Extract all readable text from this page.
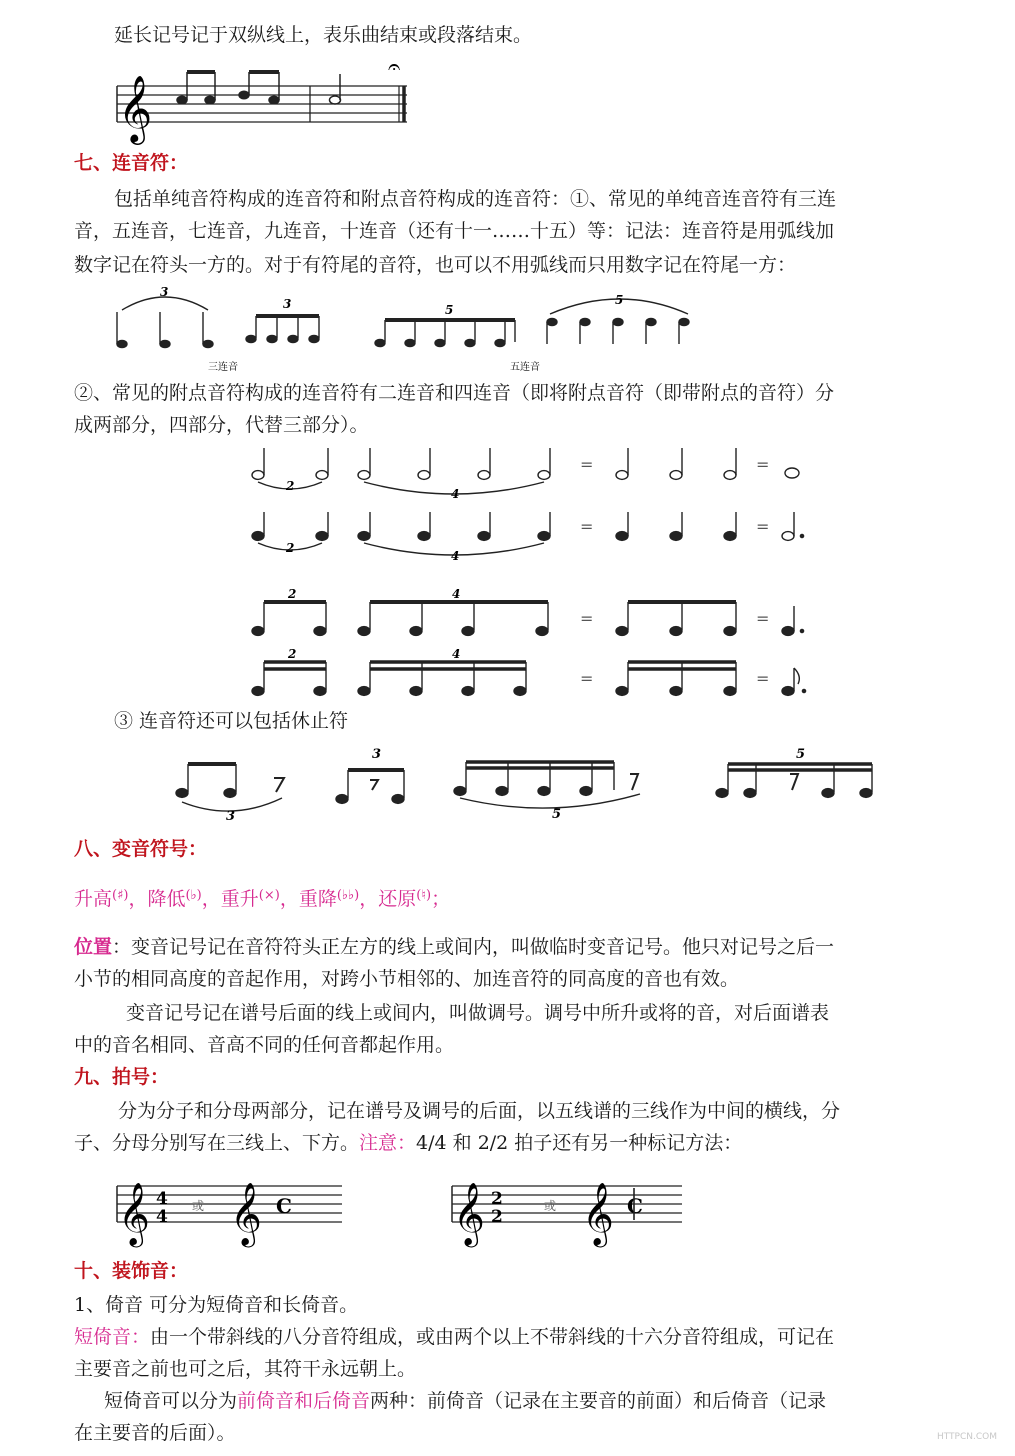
延长记号记于双纵线上，表乐曲结束或段落结束。
𝄞
𝄐
七、连音符：
包括单纯音符构成的连音符和附点音符构成的连音符：①、常见的单纯音连音符有三连
音，五连音，七连音，九连音，十连音（还有十一……十五）等：记法：连音符是用弧线加
数字记在符头一方的。对于有符尾的音符，也可以不用弧线而只用数字记在符尾一方：
3
3	5
5
三连音	五连音
②、常见的附点音符构成的连音符有二连音和四连音（即将附点音符（即带附点的音符）分
成两部分，四部分，代替三部分）。
2
4
2
4
2	4
2	4
=	=
=	=
=	=
=	=
③ 连音符还可以包括休止符
3
3
5
5
八、变音符号：
升高(♯)，降低(♭)，重升(×)，重降(♭♭)，还原(♮)；
位置：变音记号记在音符符头正左方的线上或间内，叫做临时变音记号。他只对记号之后一
小节的相同高度的音起作用，对跨小节相邻的、加连音符的同高度的音也有效。
变音记号记在谱号后面的线上或间内，叫做调号。调号中所升或将的音，对后面谱表
中的音名相同、音高不同的任何音都起作用。
九、拍号：
分为分子和分母两部分，记在谱号及调号的后面，以五线谱的三线作为中间的横线，分
子、分母分别写在三线上、下方。注意：4/4 和 2/2 拍子还有另一种标记方法：
𝄞 4
4
或 𝄞 C	𝄞 2
2
或 𝄞 C
十、装饰音：
1、倚音 可分为短倚音和长倚音。
短倚音：由一个带斜线的八分音符组成，或由两个以上不带斜线的十六分音符组成，可记在
主要音之前也可之后，其符干永远朝上。
短倚音可以分为前倚音和后倚音两种：前倚音（记录在主要音的前面）和后倚音（记录
在主要音的后面）。	HTTPCN.COM
